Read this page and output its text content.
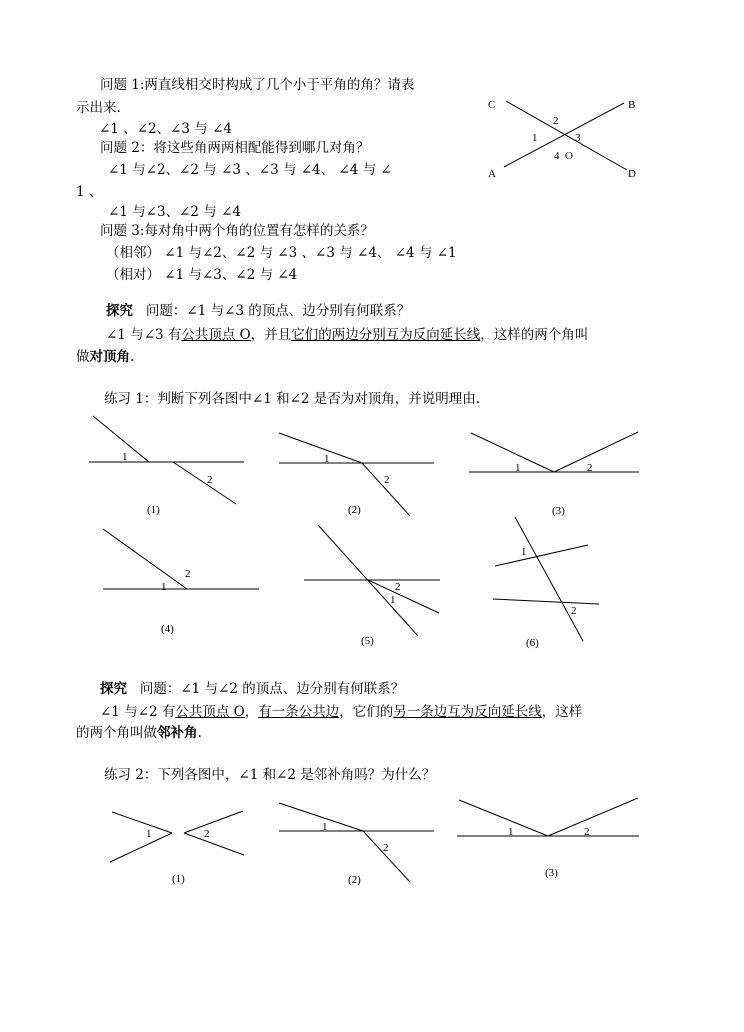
问题 1:两直线相交时构成了几个小于平角的角？请表
示出来.
∠1 、∠2、∠3 与 ∠4
问题 2：将这些角两两相配能得到哪几对角？
∠1 与∠2、∠2 与 ∠3 、∠3 与 ∠4、 ∠4 与 ∠
1 、
∠1 与∠3、∠2 与 ∠4
问题 3:每对角中两个角的位置有怎样的关系？
（相邻） ∠1 与∠2、∠2 与 ∠3 、∠3 与 ∠4、 ∠4 与 ∠1
（相对） ∠1 与∠3、∠2 与 ∠4
探究 问题：∠1 与∠3 的顶点、边分别有何联系？
∠1 与∠3 有公共顶点 O，并且它们的两边分别互为反向延长线，这样的两个角叫
做对顶角.
练习 1：判断下列各图中∠1 和∠2 是否为对顶角，并说明理由.
探究 问题：∠1 与∠2 的顶点、边分别有何联系？
∠1 与∠2 有公共顶点 O，有一条公共边，它们的另一条边互为反向延长线，这样
的两个角叫做邻补角.
练习 2：下列各图中，∠1 和∠2 是邻补角吗？为什么？
C	B
A	D
2
1	3
4 O
1
2
(1)
1
2
(2)
1	2
(3)
1
2
(4)
2
1
(5)
1
2
(6)
1	2
(1)
1
2
(2)
1	2
(3)
